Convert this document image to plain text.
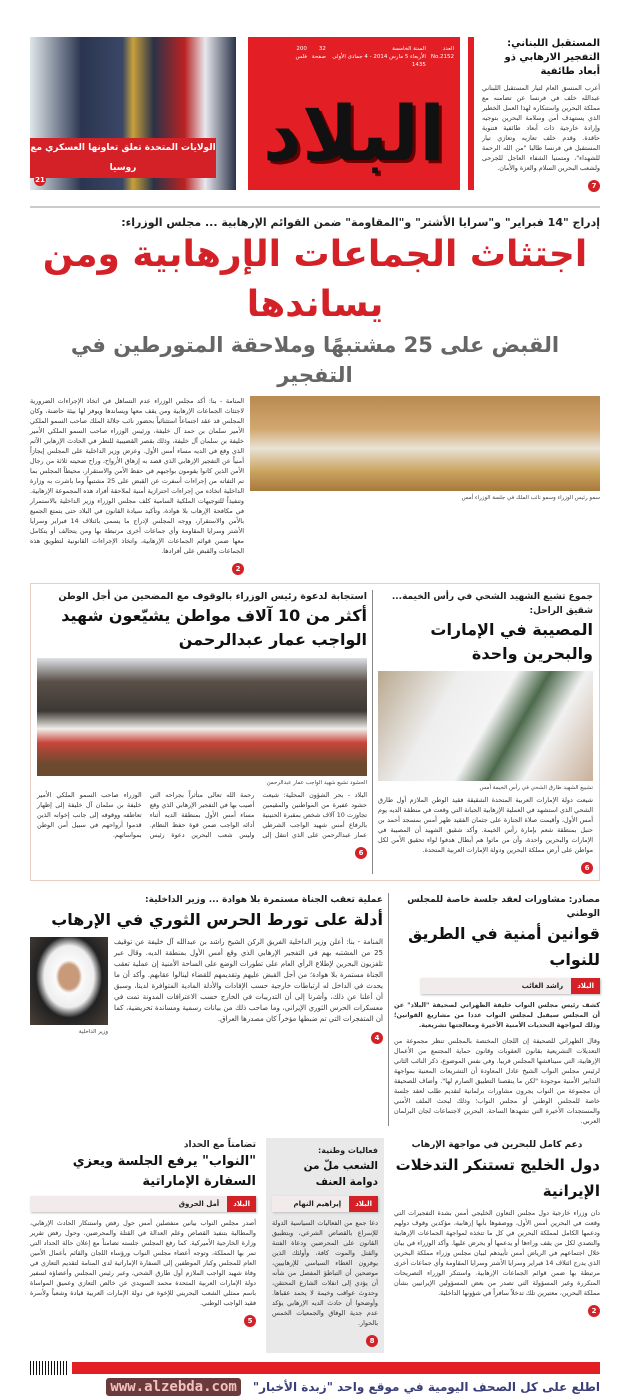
المستقبل اللبناني: التفجير الارهابي ذو أبعاد طائفية
أعرب المنسق العام لتيار المستقبل اللبناني عبدالله خلف في فرنسا عن تضامنه مع مملكة البحرين واستنكاره لهذا العمل الخطير الذي يستهدف أمن وسلامة البحرين بتوجيه وإرادة خارجية ذات أبعاد طائفية فتنوية حاقدة. وقدم خلف تعازيه وتعازي تيار المستقبل في فرنسا طالبا "من الله الرحمة للشهداء"، ومتمنيا الشفاء العاجل للجرحى ولشعب البحرين السلام والعزة والأمان.
7
العدد
No.2152
السنة الخامسة
الأربعاء 5 مارس 2014 - 4 جمادى الأولى 1435
32
صفحة
200
فلس
البلاد
الولايات المتحدة تعلق تعاونها العسكري مع روسيا
21
إدراج "14 فبراير" و"سرايا الأشتر" و"المقاومة" ضمن القوائم الإرهابية ... مجلس الوزراء:
اجتثاث الجماعات الإرهابية ومن يساندها
القبض على 25 مشتبهًا وملاحقة المتورطين في التفجير
سمو رئيس الوزراء وسمو نائب الملك في جلسة الوزراء أمس
المنامة - بنا: أكد مجلس الوزراء عدم التساهل في اتخاذ الإجراءات الضرورية لاجتثاث الجماعات الإرهابية ومن يقف معها ويساندها ويوفر لها بيئة حاضنة، وكان المجلس قد عقد اجتماعاً استثنائياً بحضور نائب جلالة الملك صاحب السمو الملكي الأمير سلمان بن حمد آل خليفة، ورئيس الوزراء صاحب السمو الملكي الأمير خليفة بن سلمان آل خليفة، وذلك بقصر القضيبية للنظر في الحادث الإرهابي الآثم الذي وقع في الديه مساء أمس الأول. وعرض وزير الداخلية على المجلس إيجازاً أمنياً عن التفجير الإرهابي الذي قصد به إزهاق الأرواح، وراح ضحيته ثلاثة من رجال الأمن الذين كانوا يقومون بواجبهم في حفظ الأمن والاستقرار، محيطاً المجلس بما تم التفاته من إجراءات أسفرت عن القبض على 25 مشتبهاً وما باشرت به وزارة الداخلية اتخاذه من إجراءات احترازية أمنية لملاحقة أفراد هذه المجموعة الإرهابية. وتنفيذاً للتوجيهات الملكية السامية كلف مجلس الوزراء وزير الداخلية بالاستمرار في مكافحة الإرهاب بلا هوادة، وتأكيد سيادة القانون في البلاد حتى يتمتع الجميع بالأمن والاستقرار، ووجه المجلس لإدراج ما يسمى بائتلاف 14 فبراير وسرايا الأشتر وسرايا المقاومة وأي جماعات أخرى مرتبطة بها ومن يتحالف أو يتكامل معها ضمن قوائم الجماعات الإرهابية، واتخاذ الإجراءات القانونية لتطويق هذه الجماعات والقبض على أفرادها.
2
جموع تشيع الشهيد الشحي في رأس الخيمة... شقيق الراحل:
المصيبة في الإمارات والبحرين واحدة
تشييع الشهيد طارق الشحي في رأس الخيمة أمس
شيعت دولة الإمارات العربية المتحدة الشقيقة فقيد الوطن الملازم أول طارق الشحي الذي استشهد في العملية الإرهابية الجبانة التي وقعت في منطقة الديه يوم أمس الأول، وأقيمت صلاة الجنازة على جثمان الفقيد ظهر أمس بمسجد أحمد بن حنبل بمنطقة شعم بإمارة رأس الخيمة. وأكد شقيق الشهيد أن المصيبة في الإمارات والبحرين واحدة، وأن من ماتوا هم أبطال هدفوا لواء تحقيق الأمن لكل مواطن على أرض مملكة البحرين ودولة الإمارات العربية المتحدة.
6
استجابة لدعوة رئيس الوزراء بالوقوف مع المضحين من أجل الوطن
أكثر من 10 آلاف مواطن يشيّعون شهيد الواجب عمار عبدالرحمن
الحشود تشيع شهيد الواجب عمار عبدالرحمن
البلاد - بحر الشؤون المحلية: شيعت حشود غفيرة من المواطنين والمقيمين تجاوزت 10 آلاف شخص بمقبرة الحنينية بالرفاع أمس شهيد الواجب الشرطي عمار عبدالرحمن على الذي انتقل إلى رحمة الله تعالى متأثراً بجراحه التي أصيب بها في التفجير الإرهابي الذي وقع مساء أمس الأول بمنطقة الديه أثناء أدائه الواجب ضمن قوة حفظ النظام. وليس شعب البحرين دعوة رئيس الوزراء صاحب السمو الملكي الأمير خليفة بن سلمان آل خليفة إلى إظهار تعاطفه ووقوفه إلى جانب إخوانه الذين قدموا أرواحهم في سبيل أمن الوطن بمواساتهم.
6
مصادر: مشاورات لعقد جلسة خاصة للمجلس الوطني
قوانين أمنية في الطريق للنواب
البلاد
راشد الغائب
كشف رئيس مجلس النواب خليفة الظهراني لصحيفة "البلاد" عن أن المجلس سيقبل لمجلس النواب عددا من مشاريع القوانين؛ وذلك لمواجهة التحديات الأمنية الأخيرة ومعالجتها تشريعية.
وقال الظهراني للصحيفة إن اللجان المختصة بالمجلس تنظر مجموعة من التعديلات التشريعية بقانون العقوبات وقانون حماية المجتمع من الأعمال الإرهابية، التي سيناقشها المجلس قريبا. وفي نفس الموضوع، ذكر النائب الثاني لرئيس مجلس النواب الشيخ عادل المعاودة أن التشريعات المعنية بمواجهة التدابير الأمنية موجودة "لكن ما ينقصنا التطبيق الصارم لها". وأضاف للصحيفة أن مجموعة من النواب يجرون مشاورات برلمانية لتقديم طلب لعقد جلسة خاصة للمجلس الوطني أو مجلس النواب؛ وذلك لبحث الملف الأمني والمستجدات الأخيرة التي تشهدها الساحة. البحرين لاجتماعات لجان البرلمان العربي.
عملية تعقب الجناة مستمرة بلا هوادة ... وزير الداخلية:
أدلة على تورط الحرس الثوري في الإرهاب
المنامة - بنا: أعلن وزير الداخلية الفريق الركن الشيخ راشد بن عبدالله آل خليفة عن توقيف 25 من المشتبه بهم في التفجير الإرهابي الذي وقع أمس الأول بمنطقة الديه. وقال عبر تلفزيون البحرين لإطلاع الرأي العام على تطورات الوضع على الساحة الأمنية إن عملية تعقب الجناة مستمرة بلا هوادة؛ من أجل القبض عليهم وتقديمهم للقضاء لينالوا عقابهم. وأكد أن ما يحدث في الداخل له ارتباطات خارجية حسب الإفادات والأدلة المادية المتوافرة لدينا، وسبق أن أعلنا عن ذلك، وأشرنا إلى أن التدريبات في الخارج حسب الاعترافات المدونة تمت في معسكرات الحرس الثوري الإيراني، وما صاحب ذلك من بيانات رسمية ومساندة تحريضية، كما أن المتفجرات التي تم ضبطها مؤخراً كان مصدرها العراق.
4
وزير الداخلية
دعم كامل للبحرين في مواجهة الإرهاب
دول الخليج تستنكر التدخلات الإيرانية
دان وزراء خارجية دول مجلس التعاون الخليجي أمس بشدة التفجيرات التي وقعت في البحرين أمس الأول، ووصفوها بأنها إرهابية، مؤكدين وقوف دولهم ودعمها الكامل لمملكة البحرين في كل ما تتخذه لمواجهة الجماعات الإرهابية والتصدي لكل من يقف وراءها أو يدعمها أو يحرض عليها. وأكد الوزراء في بيان خلال اجتماعهم في الرياض أمس تأييدهم لبيان مجلس وزراء مملكة البحرين الذي يدرج ائتلاف 14 فبراير وسرايا الأشتر وسرايا المقاومة وأي جماعات أخرى مرتبطة بها ضمن قوائم الجماعات الإرهابية. واستنكر الوزراء التصريحات المتكررة وغير المسؤولة التي تصدر من بعض المسؤولين الإيرانيين بشأن مملكة البحرين، معتبرين تلك تدخلاً سافراً في شؤونها الداخلية.
2
فعاليات وطنية:
الشعب ملّ من دوامة العنف
البلاد
إبراهيم النهام
دعا جمع من الفعاليات السياسية الدولة للإسراع بالقصاص الشرعي، وبتطبيق القانون على المحرضين ودعاة الفتنة والقتل والموت كافة، وأولئك الذين يوفرون الغطاء السياسي للإرهابيين، موضحين أن التباطؤ المفصل من شأنه أن يؤدي إلى انفلات الشارع المحتقن، وحدوث عواقب وخيمة لا يحمد عقباها. وأوضحوا أن حادث الديه الإرهابي يؤكد عدم جدية الوفاق والجمعيات الخمس بالحوار.
8
تضامناً مع الحداد
"النواب" يرفع الجلسة ويعزي السفارة الإماراتية
البلاد
أمل الحروق
أصدر مجلس النواب بيانين منفصلين أمس حول رفض واستنكار الحادث الإرهابي، والمطالبة بتنفيذ القصاص وعلم العدالة في القتلة والمحرضين، وحول رفض تقرير وزارة الخارجية الأميركية. كما رفع المجلس جلسته تضامناً مع إعلان حالة الحداد التي تمر بها المملكة، وتوجه أعضاء مجلس النواب ورؤساء اللجان والقائم بأعمال الأمين العام للمجلس وكبار الموظفين إلى السفارة الإماراتية لدى المنامة لتقديم التعازي في وفاة شهيد الواجب الملازم أول طارق الشحي، وعبر رئيس المجلس وأعضاؤه لسفير دولة الإمارات العربية المتحدة محمد السويدي عن خالص التعازي وعميق المواساة باسم ممثلي الشعب البحريني للإخوة في دولة الإمارات العربية قيادة وشعباً ولأسرة فقيد الواجب الوطني.
5
اطلع على كل الصحف اليومية في موقع واحد "زبدة الأخبار"
www.alzebda.com
